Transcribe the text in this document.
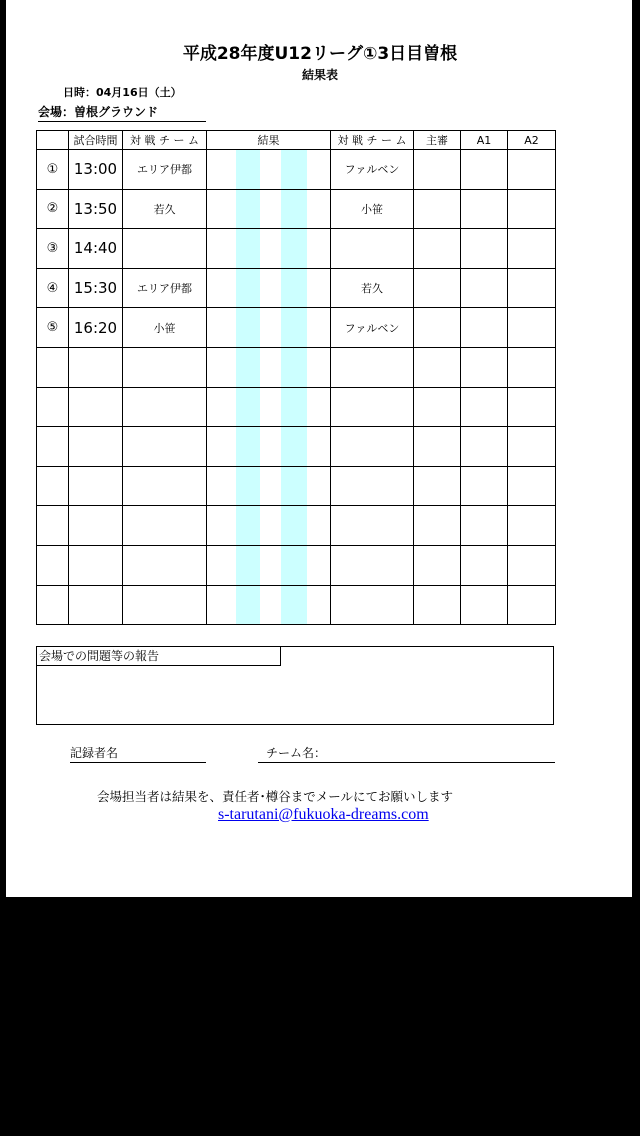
平成28年度U12リーグ①3日目曽根
結果表
日時：04月16日（土）
会場：曽根グラウンド
	試合時間	対 戦 チ ー ム	結果	対 戦 チ ー ム	主審	A1	A2
①	13:00	エリア伊都		ファルベン			
②	13:50	若久		小笹			
③	14:40		

④	15:30	エリア伊都		若久			
⑤	16:20	小笹		ファルベン			

会場での問題等の報告
記録者名	チーム名：
会場担当者は結果を、責任者･樽谷までメールにてお願いします
s-tarutani@fukuoka-dreams.com
